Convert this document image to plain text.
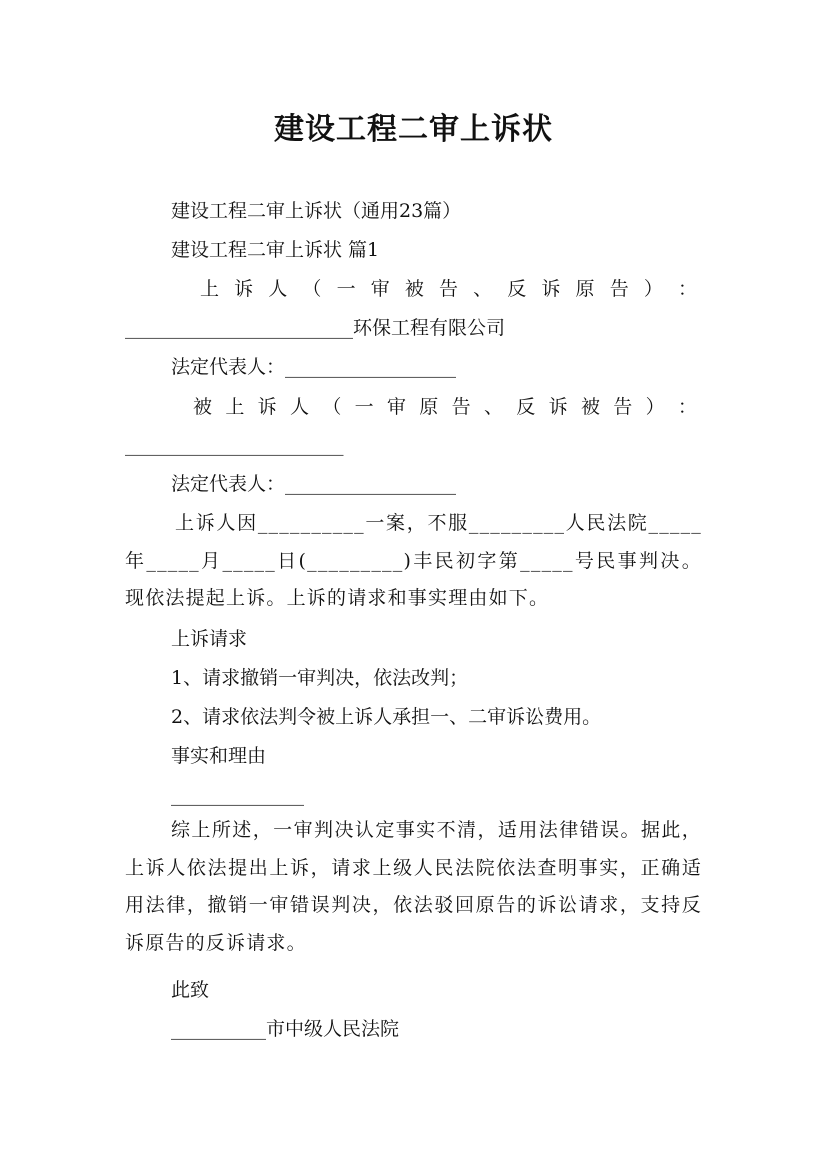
建设工程二审上诉状
建设工程二审上诉状（通用23篇）
建设工程二审上诉状 篇1
上 诉 人 （ 一 审 被 告 、 反 诉 原 告 ） ：
________________________环保工程有限公司
法定代表人：__________________
被 上 诉 人 （ 一 审 原 告 、 反 诉 被 告 ） ：
_______________________
法定代表人：__________________
上诉人因__________一案，不服_________人民法院_____年_____月_____日(_________)丰民初字第_____号民事判决。现依法提起上诉。上诉的请求和事实理由如下。
上诉请求
1、请求撤销一审判决，依法改判；
2、请求依法判令被上诉人承担一、二审诉讼费用。
事实和理由
______________
综上所述，一审判决认定事实不清，适用法律错误。据此，上诉人依法提出上诉，请求上级人民法院依法查明事实，正确适用法律，撤销一审错误判决，依法驳回原告的诉讼请求，支持反诉原告的反诉请求。
此致
__________市中级人民法院
